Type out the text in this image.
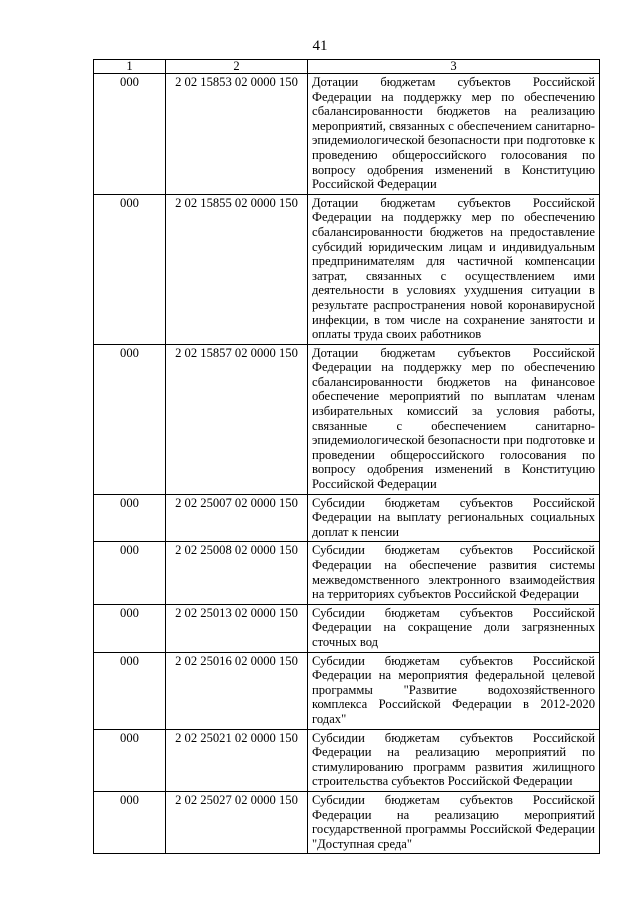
41
1	2	3
000	2 02 15853 02 0000 150	Дотации бюджетам субъектов Российской Федерации на поддержку мер по обеспечению сбалансированности бюджетов на реализацию мероприятий, связанных с обеспечением санитарно-эпидемиологической безопасности при подготовке к проведению общероссийского голосования по вопросу одобрения изменений в Конституцию Российской Федерации
000	2 02 15855 02 0000 150	Дотации бюджетам субъектов Российской Федерации на поддержку мер по обеспечению сбалансированности бюджетов на предоставление субсидий юридическим лицам и индивидуальным предпринимателям для частичной компенсации затрат, связанных с осуществлением ими деятельности в условиях ухудшения ситуации в результате распространения новой коронавирусной инфекции, в том числе на сохранение занятости и оплаты труда своих работников
000	2 02 15857 02 0000 150	Дотации бюджетам субъектов Российской Федерации на поддержку мер по обеспечению сбалансированности бюджетов на финансовое обеспечение мероприятий по выплатам членам избирательных комиссий за условия работы, связанные с обеспечением санитарно-эпидемиологической безопасности при подготовке и проведении общероссийского голосования по вопросу одобрения изменений в Конституцию Российской Федерации
000	2 02 25007 02 0000 150	Субсидии бюджетам субъектов Российской Федерации на выплату региональных социальных доплат к пенсии
000	2 02 25008 02 0000 150	Субсидии бюджетам субъектов Российской Федерации на обеспечение развития системы межведомственного электронного взаимодействия на территориях субъектов Российской Федерации
000	2 02 25013 02 0000 150	Субсидии бюджетам субъектов Российской Федерации на сокращение доли загрязненных сточных вод
000	2 02 25016 02 0000 150	Субсидии бюджетам субъектов Российской Федерации на мероприятия федеральной целевой программы "Развитие водохозяйственного комплекса Российской Федерации в 2012-2020 годах"
000	2 02 25021 02 0000 150	Субсидии бюджетам субъектов Российской Федерации на реализацию мероприятий по стимулированию программ развития жилищного строительства субъектов Российской Федерации
000	2 02 25027 02 0000 150	Субсидии бюджетам субъектов Российской Федерации на реализацию мероприятий государственной программы Российской Федерации "Доступная среда"
